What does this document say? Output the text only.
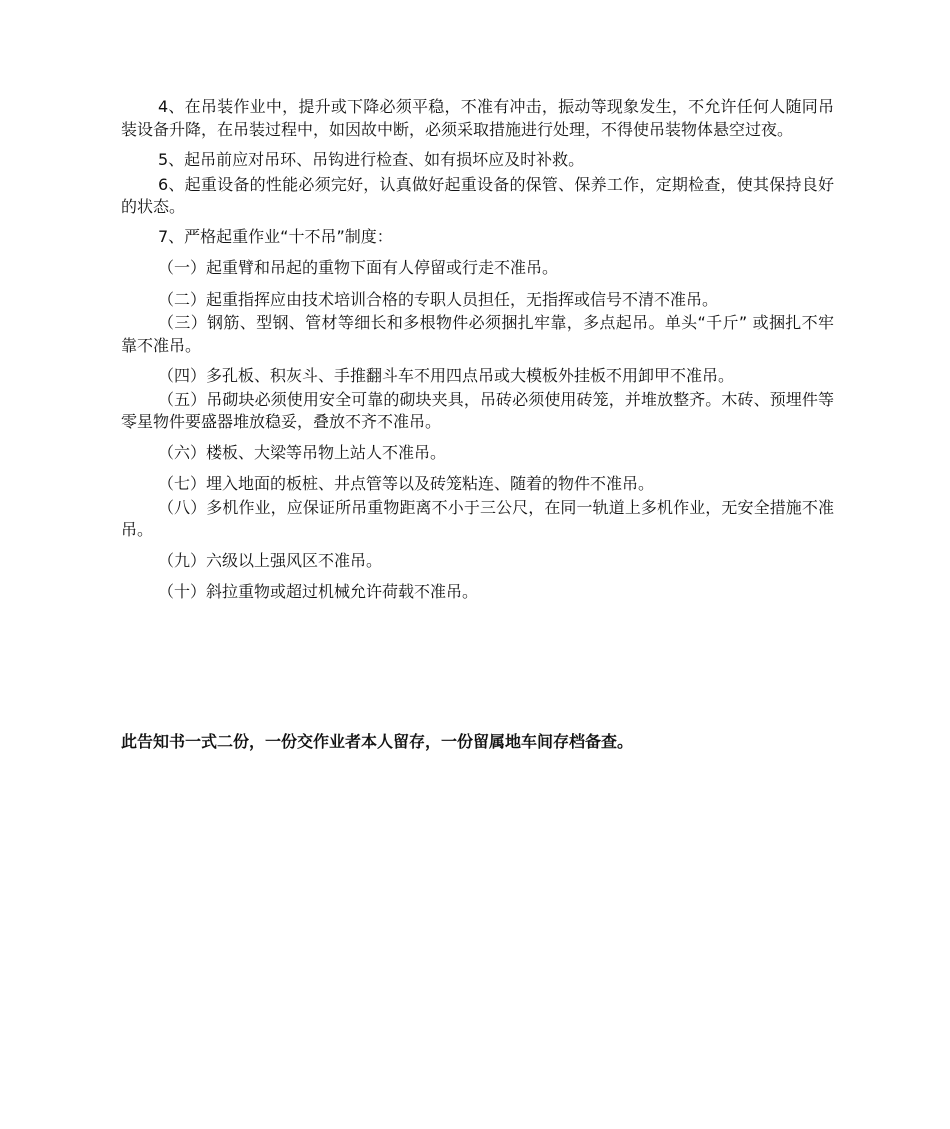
4、在吊装作业中，提升或下降必须平稳，不准有冲击，振动等现象发生，不允许任何人随同吊装设备升降，在吊装过程中，如因故中断，必须采取措施进行处理，不得使吊装物体悬空过夜。

5、起吊前应对吊环、吊钩进行检查、如有损坏应及时补救。

6、起重设备的性能必须完好，认真做好起重设备的保管、保养工作，定期检查，使其保持良好的状态。

7、严格起重作业“十不吊”制度：

（一）起重臂和吊起的重物下面有人停留或行走不准吊。

（二）起重指挥应由技术培训合格的专职人员担任，无指挥或信号不清不准吊。

（三）钢筋、型钢、管材等细长和多根物件必须捆扎牢靠，多点起吊。单头“千斤” 或捆扎不牢靠不准吊。

（四）多孔板、积灰斗、手推翻斗车不用四点吊或大模板外挂板不用卸甲不准吊。

（五）吊砌块必须使用安全可靠的砌块夹具，吊砖必须使用砖笼，并堆放整齐。木砖、预埋件等零星物件要盛器堆放稳妥，叠放不齐不准吊。

（六）楼板、大梁等吊物上站人不准吊。

（七）埋入地面的板桩、井点管等以及砖笼粘连、随着的物件不准吊。

（八）多机作业，应保证所吊重物距离不小于三公尺，在同一轨道上多机作业，无安全措施不准吊。

（九）六级以上强风区不准吊。

（十）斜拉重物或超过机械允许荷载不准吊。

此告知书一式二份，一份交作业者本人留存，一份留属地车间存档备查。
